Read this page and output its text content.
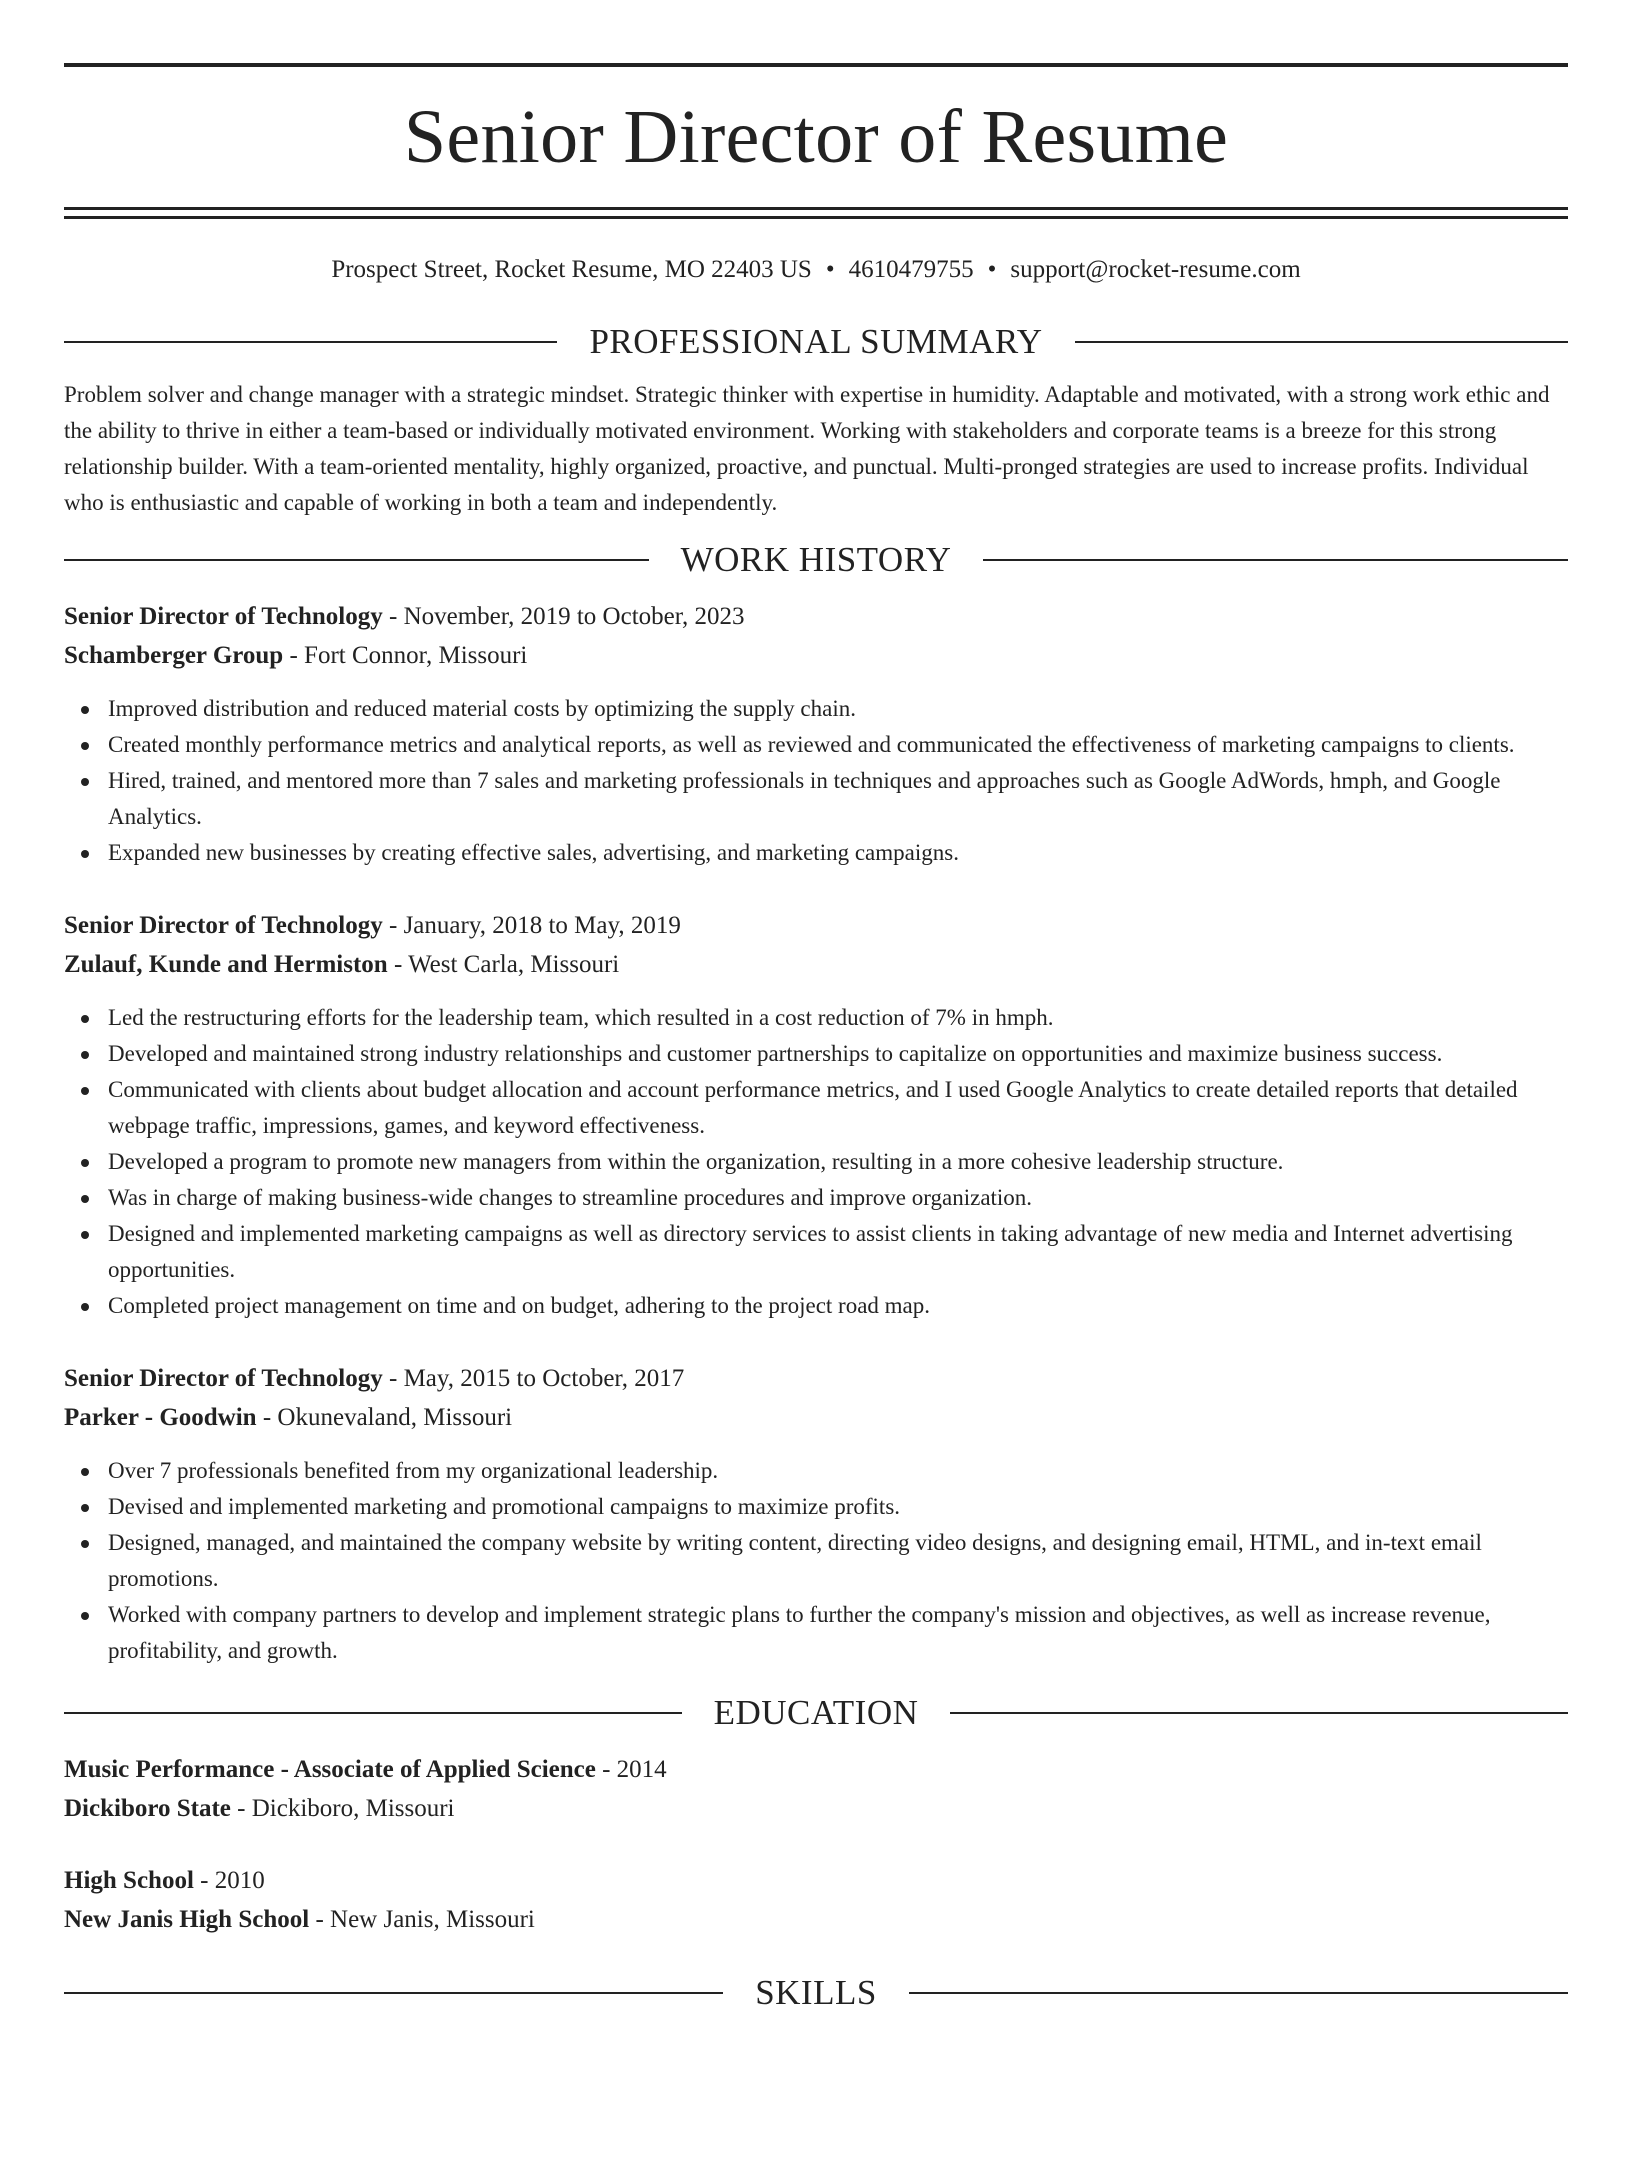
Senior Director of Resume
Prospect Street, Rocket Resume, MO 22403 US • 4610479755 • support@rocket-resume.com
PROFESSIONAL SUMMARY

Problem solver and change manager with a strategic mindset. Strategic thinker with expertise in humidity. Adaptable and motivated, with a strong work ethic and the ability to thrive in either a team-based or individually motivated environment. Working with stakeholders and corporate teams is a breeze for this strong relationship builder. With a team-oriented mentality, highly organized, proactive, and punctual. Multi-pronged strategies are used to increase profits. Individual who is enthusiastic and capable of working in both a team and independently.

WORK HISTORY
Senior Director of Technology - November, 2019 to October, 2023
Schamberger Group - Fort Connor, Missouri
Improved distribution and reduced material costs by optimizing the supply chain.
Created monthly performance metrics and analytical reports, as well as reviewed and communicated the effectiveness of marketing campaigns to clients.
Hired, trained, and mentored more than 7 sales and marketing professionals in techniques and approaches such as Google AdWords, hmph, and Google Analytics.
Expanded new businesses by creating effective sales, advertising, and marketing campaigns.
Senior Director of Technology - January, 2018 to May, 2019
Zulauf, Kunde and Hermiston - West Carla, Missouri
Led the restructuring efforts for the leadership team, which resulted in a cost reduction of 7% in hmph.
Developed and maintained strong industry relationships and customer partnerships to capitalize on opportunities and maximize business success.
Communicated with clients about budget allocation and account performance metrics, and I used Google Analytics to create detailed reports that detailed webpage traffic, impressions, games, and keyword effectiveness.
Developed a program to promote new managers from within the organization, resulting in a more cohesive leadership structure.
Was in charge of making business-wide changes to streamline procedures and improve organization.
Designed and implemented marketing campaigns as well as directory services to assist clients in taking advantage of new media and Internet advertising opportunities.
Completed project management on time and on budget, adhering to the project road map.
Senior Director of Technology - May, 2015 to October, 2017
Parker - Goodwin - Okunevaland, Missouri
Over 7 professionals benefited from my organizational leadership.
Devised and implemented marketing and promotional campaigns to maximize profits.
Designed, managed, and maintained the company website by writing content, directing video designs, and designing email, HTML, and in-text email promotions.
Worked with company partners to develop and implement strategic plans to further the company's mission and objectives, as well as increase revenue, profitability, and growth.
EDUCATION
Music Performance - Associate of Applied Science - 2014
Dickiboro State - Dickiboro, Missouri
High School - 2010
New Janis High School - New Janis, Missouri
SKILLS
